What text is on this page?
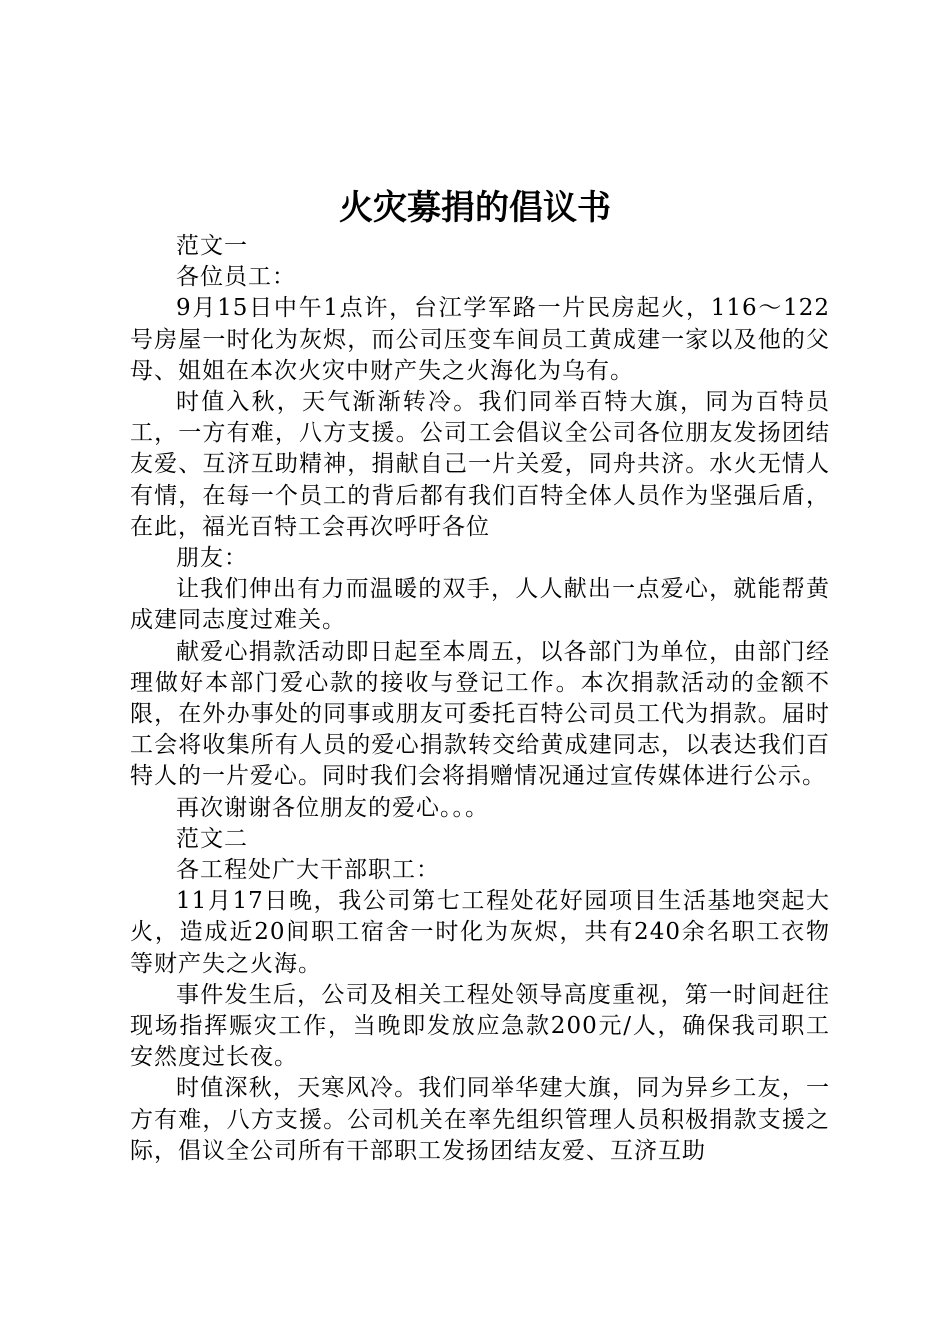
火灾募捐的倡议书

范文一

各位员工：

9月15日中午1点许，台江学军路一片民房起火，116～122号房屋一时化为灰烬，而公司压变车间员工黄成建一家以及他的父母、姐姐在本次火灾中财产失之火海化为乌有。

时值入秋，天气渐渐转冷。我们同举百特大旗，同为百特员工，一方有难，八方支援。公司工会倡议全公司各位朋友发扬团结友爱、互济互助精神，捐献自己一片关爱，同舟共济。水火无情人有情，在每一个员工的背后都有我们百特全体人员作为坚强后盾，在此，福光百特工会再次呼吁各位

朋友：

让我们伸出有力而温暖的双手，人人献出一点爱心，就能帮黄成建同志度过难关。

献爱心捐款活动即日起至本周五，以各部门为单位，由部门经理做好本部门爱心款的接收与登记工作。本次捐款活动的金额不限，在外办事处的同事或朋友可委托百特公司员工代为捐款。届时工会将收集所有人员的爱心捐款转交给黄成建同志，以表达我们百特人的一片爱心。同时我们会将捐赠情况通过宣传媒体进行公示。

再次谢谢各位朋友的爱心。。。

范文二

各工程处广大干部职工：

11月17日晚，我公司第七工程处花好园项目生活基地突起大火，造成近20间职工宿舍一时化为灰烬，共有240余名职工衣物等财产失之火海。

事件发生后，公司及相关工程处领导高度重视，第一时间赶往现场指挥赈灾工作，当晚即发放应急款200元/人，确保我司职工安然度过长夜。

时值深秋，天寒风冷。我们同举华建大旗，同为异乡工友，一方有难，八方支援。公司机关在率先组织管理人员积极捐款支援之际，倡议全公司所有干部职工发扬团结友爱、互济互助
